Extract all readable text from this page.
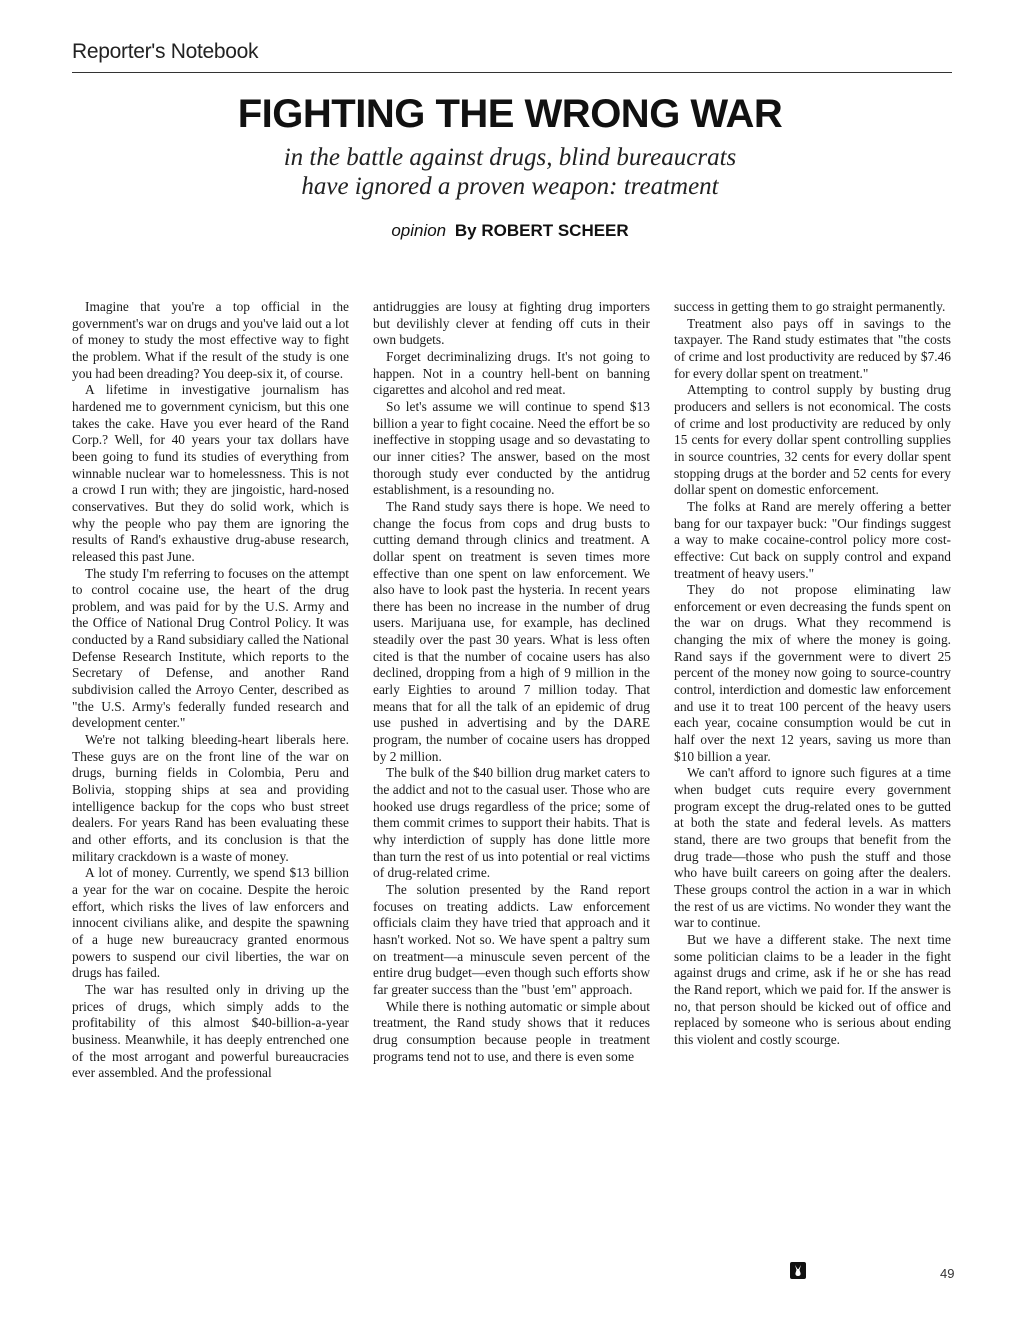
Reporter's Notebook
FIGHTING THE WRONG WAR
in the battle against drugs, blind bureaucrats
have ignored a proven weapon: treatment
opinion By ROBERT SCHEER

Imagine that you're a top official in the government's war on drugs and you've laid out a lot of money to study the most effective way to fight the problem. What if the result of the study is one you had been dreading? You deep-six it, of course.

A lifetime in investigative journalism has hardened me to government cynicism, but this one takes the cake. Have you ever heard of the Rand Corp.? Well, for 40 years your tax dollars have been going to fund its studies of everything from winnable nuclear war to homelessness. This is not a crowd I run with; they are jingoistic, hard-nosed conservatives. But they do solid work, which is why the people who pay them are ignoring the results of Rand's exhaustive drug-abuse research, released this past June.

The study I'm referring to focuses on the attempt to control cocaine use, the heart of the drug problem, and was paid for by the U.S. Army and the Office of National Drug Control Policy. It was conducted by a Rand subsidiary called the National Defense Research Institute, which reports to the Secretary of Defense, and another Rand subdivision called the Arroyo Center, described as "the U.S. Army's federally funded research and development center."

We're not talking bleeding-heart liberals here. These guys are on the front line of the war on drugs, burning fields in Colombia, Peru and Bolivia, stopping ships at sea and providing intelligence backup for the cops who bust street dealers. For years Rand has been evaluating these and other efforts, and its conclusion is that the military crackdown is a waste of money.

A lot of money. Currently, we spend $13 billion a year for the war on cocaine. Despite the heroic effort, which risks the lives of law enforcers and innocent civilians alike, and despite the spawning of a huge new bureaucracy granted enormous powers to suspend our civil liberties, the war on drugs has failed.

The war has resulted only in driving up the prices of drugs, which simply adds to the profitability of this almost $40-billion-a-year business. Meanwhile, it has deeply entrenched one of the most arrogant and powerful bureaucracies ever assembled. And the professional

antidruggies are lousy at fighting drug importers but devilishly clever at fending off cuts in their own budgets.

Forget decriminalizing drugs. It's not going to happen. Not in a country hell-bent on banning cigarettes and alcohol and red meat.

So let's assume we will continue to spend $13 billion a year to fight cocaine. Need the effort be so ineffective in stopping usage and so devastating to our inner cities? The answer, based on the most thorough study ever conducted by the antidrug establishment, is a resounding no.

The Rand study says there is hope. We need to change the focus from cops and drug busts to cutting demand through clinics and treatment. A dollar spent on treatment is seven times more effective than one spent on law enforcement. We also have to look past the hysteria. In recent years there has been no increase in the number of drug users. Marijuana use, for example, has declined steadily over the past 30 years. What is less often cited is that the number of cocaine users has also declined, dropping from a high of 9 million in the early Eighties to around 7 million today. That means that for all the talk of an epidemic of drug use pushed in advertising and by the DARE program, the number of cocaine users has dropped by 2 million.

The bulk of the $40 billion drug market caters to the addict and not to the casual user. Those who are hooked use drugs regardless of the price; some of them commit crimes to support their habits. That is why interdiction of supply has done little more than turn the rest of us into potential or real victims of drug-related crime.

The solution presented by the Rand report focuses on treating addicts. Law enforcement officials claim they have tried that approach and it hasn't worked. Not so. We have spent a paltry sum on treatment—a minuscule seven percent of the entire drug budget—even though such efforts show far greater success than the "bust 'em" approach.

While there is nothing automatic or simple about treatment, the Rand study shows that it reduces drug consumption because people in treatment programs tend not to use, and there is even some

success in getting them to go straight permanently.

Treatment also pays off in savings to the taxpayer. The Rand study estimates that "the costs of crime and lost productivity are reduced by $7.46 for every dollar spent on treatment."

Attempting to control supply by busting drug producers and sellers is not economical. The costs of crime and lost productivity are reduced by only 15 cents for every dollar spent controlling supplies in source countries, 32 cents for every dollar spent stopping drugs at the border and 52 cents for every dollar spent on domestic enforcement.

The folks at Rand are merely offering a better bang for our taxpayer buck: "Our findings suggest a way to make cocaine-control policy more cost-effective: Cut back on supply control and expand treatment of heavy users."

They do not propose eliminating law enforcement or even decreasing the funds spent on the war on drugs. What they recommend is changing the mix of where the money is going. Rand says if the government were to divert 25 percent of the money now going to source-country control, interdiction and domestic law enforcement and use it to treat 100 percent of the heavy users each year, cocaine consumption would be cut in half over the next 12 years, saving us more than $10 billion a year.

We can't afford to ignore such figures at a time when budget cuts require every government program except the drug-related ones to be gutted at both the state and federal levels. As matters stand, there are two groups that benefit from the drug trade—those who push the stuff and those who have built careers on going after the dealers. These groups control the action in a war in which the rest of us are victims. No wonder they want the war to continue.

But we have a different stake. The next time some politician claims to be a leader in the fight against drugs and crime, ask if he or she has read the Rand report, which we paid for. If the answer is no, that person should be kicked out of office and replaced by someone who is serious about ending this violent and costly scourge.

49
